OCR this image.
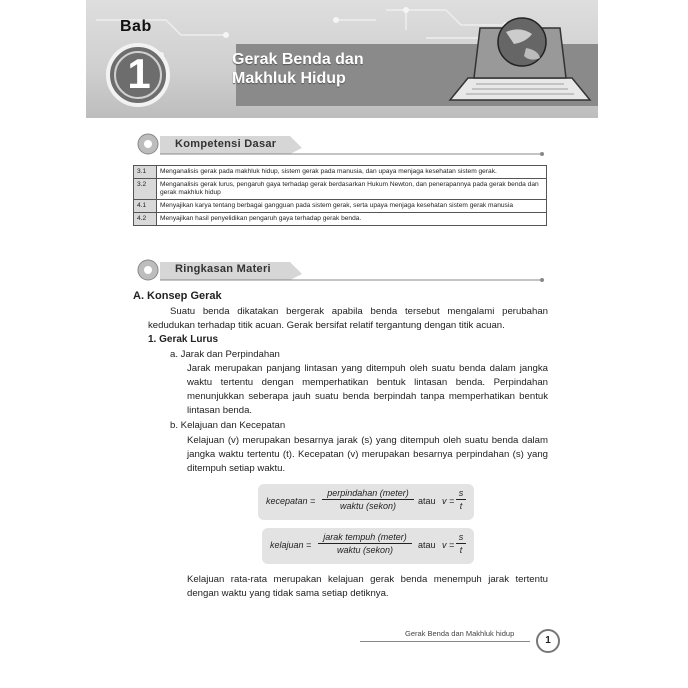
Bab
1	Gerak Benda dan
Makhluk Hidup
Kompetensi Dasar
3.1	Menganalisis gerak pada makhluk hidup, sistem gerak pada manusia, dan upaya menjaga kesehatan sistem gerak.
3.2	Menganalisis gerak lurus, pengaruh gaya terhadap gerak berdasarkan Hukum Newton, dan penerapannya pada gerak benda dan gerak makhluk hidup
4.1	Menyajikan karya tentang berbagai gangguan pada sistem gerak, serta upaya menjaga kesehatan sistem gerak manusia
4.2	Menyajikan hasil penyelidikan pengaruh gaya terhadap gerak benda.
Ringkasan Materi
A. Konsep Gerak
Suatu benda dikatakan bergerak apabila benda tersebut mengalami perubahan kedudukan terhadap titik acuan. Gerak bersifat relatif tergantung dengan titik acuan.
1. Gerak Lurus
a. Jarak dan Perpindahan
Jarak merupakan panjang lintasan yang ditempuh oleh suatu benda dalam jangka waktu tertentu dengan memperhatikan bentuk lintasan benda. Perpindahan menunjukkan seberapa jauh suatu benda berpindah tanpa memperhatikan bentuk lintasan benda.
b. Kelajuan dan Kecepatan
Kelajuan (v) merupakan besarnya jarak (s) yang ditempuh oleh suatu benda dalam jangka waktu tertentu (t). Kecepatan (v) merupakan besarnya perpindahan (s) yang ditempuh setiap waktu.
kecepatan =
perpindahan (meter)
waktu (sekon)	atau $v = \frac{s}{t}$
kelajuan =
jarak tempuh (meter)
waktu (sekon)	atau $v = \frac{s}{t}$
Kelajuan rata-rata merupakan kelajuan gerak benda menempuh jarak tertentu dengan waktu yang tidak sama setiap detiknya.
Gerak Benda dan Makhluk hidup
1
